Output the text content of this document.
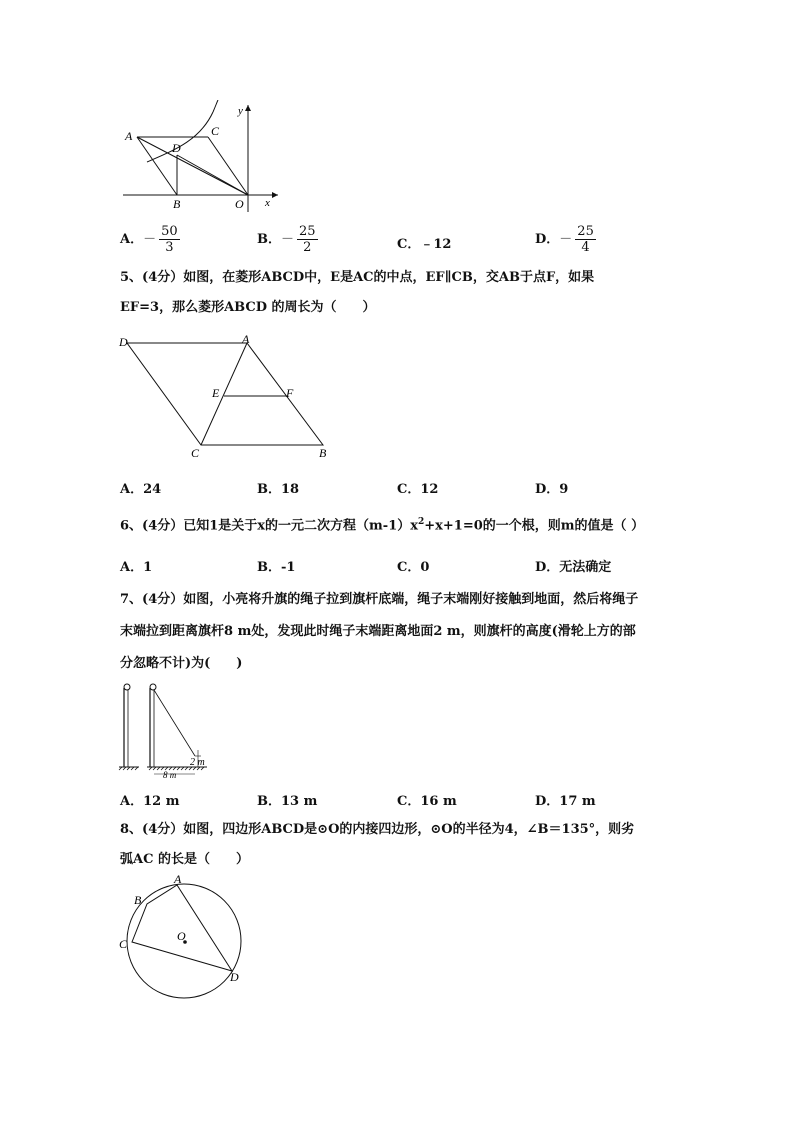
A
D
C
B	O x
y
A．－ $\frac{50}{3}$	B．－ $\frac{25}{2}$	C．﹣12	D．－ $\frac{25}{4}$
5、(4分）如图，在菱形ABCD中，E是AC的中点，EF∥CB，交AB于点F，如果
EF=3，那么菱形ABCD 的周长为（　　）
D	A
E	F
C	B
A．24	B．18	C．12	D．9
6、(4分）已知1是关于x的一元二次方程$(m-1)x^2+x+1=0$的一个根，则m的值是（ ）
A．1	B．-1	C．0	D．无法确定
7、(4分）如图，小亮将升旗的绳子拉到旗杆底端，绳子末端刚好接触到地面，然后将绳子
末端拉到距离旗杆8 m处，发现此时绳子末端距离地面2 m，则旗杆的高度(滑轮上方的部
分忽略不计)为(　　)
2 m
8 m
A．12 m	B．13 m	C．16 m	D．17 m
8、(4分）如图，四边形ABCD是⊙O的内接四边形，⊙O的半径为4，∠B＝135°，则劣
弧AC 的长是（　　）
A
B
C
D
O
